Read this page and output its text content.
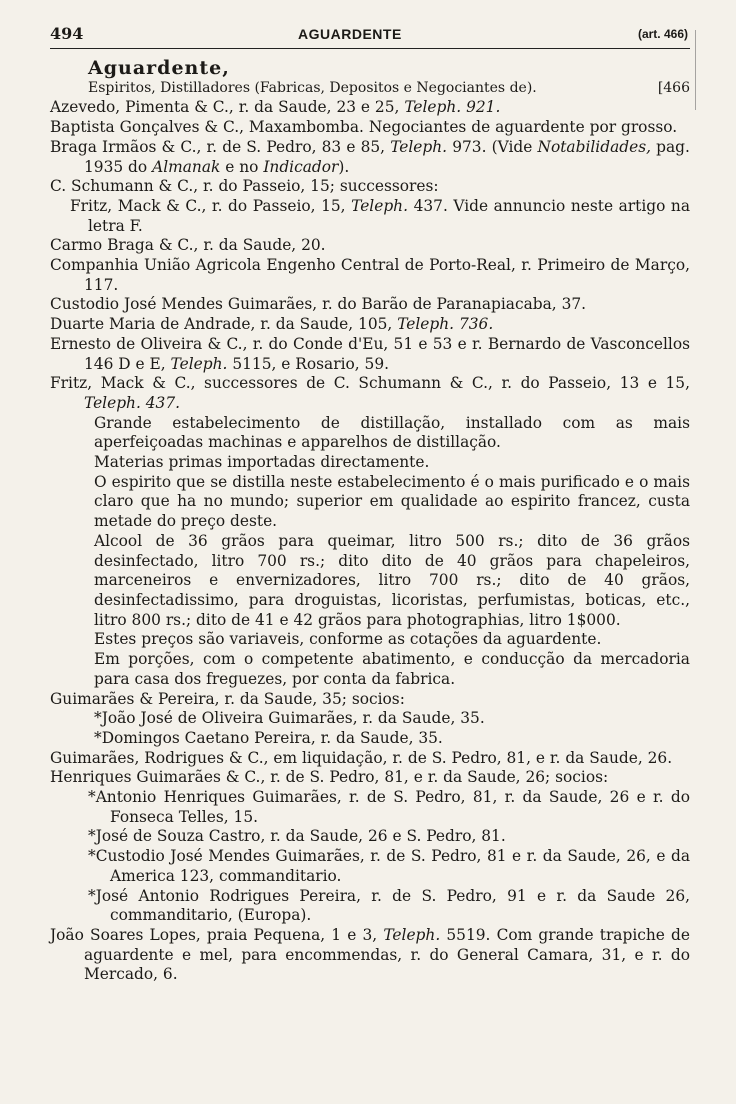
494	AGUARDENTE	(art. 466)
Aguardente,
Espiritos, Distilladores (Fabricas, Depositos e Negociantes de).	[466
Azevedo, Pimenta & C., r. da Saude, 23 e 25, Teleph. 921.
Baptista Gonçalves & C., Maxambomba. Negociantes de aguardente por grosso.
Braga Irmãos & C., r. de S. Pedro, 83 e 85, Teleph. 973. (Vide Notabilidades, pag. 1935 do Almanak e no Indicador).
C. Schumann & C., r. do Passeio, 15; successores:
Fritz, Mack & C., r. do Passeio, 15, Teleph. 437. Vide annuncio neste artigo na letra F.
Carmo Braga & C., r. da Saude, 20.
Companhia União Agricola Engenho Central de Porto-Real, r. Primeiro de Março, 117.
Custodio José Mendes Guimarães, r. do Barão de Paranapiacaba, 37.
Duarte Maria de Andrade, r. da Saude, 105, Teleph. 736.
Ernesto de Oliveira & C., r. do Conde d'Eu, 51 e 53 e r. Bernardo de Vasconcellos 146 D e E, Teleph. 5115, e Rosario, 59.
Fritz, Mack & C., successores de C. Schumann & C., r. do Passeio, 13 e 15, Teleph. 437.
Grande estabelecimento de distillação, installado com as mais aperfeiçoadas machinas e apparelhos de distillação.
Materias primas importadas directamente.
O espirito que se distilla neste estabelecimento é o mais purificado e o mais claro que ha no mundo; superior em qualidade ao espirito francez, custa metade do preço deste.
Alcool de 36 grãos para queimar, litro 500 rs.; dito de 36 grãos desinfectado, litro 700 rs.; dito dito de 40 grãos para chapeleiros, marceneiros e envernizadores, litro 700 rs.; dito de 40 grãos, desinfectadissimo, para droguistas, licoristas, perfumistas, boticas, etc., litro 800 rs.; dito de 41 e 42 grãos para photographias, litro 1$000.
Estes preços são variaveis, conforme as cotações da aguardente.
Em porções, com o competente abatimento, e conducção da mercadoria para casa dos freguezes, por conta da fabrica.
Guimarães & Pereira, r. da Saude, 35; socios:
*João José de Oliveira Guimarães, r. da Saude, 35.
*Domingos Caetano Pereira, r. da Saude, 35.
Guimarães, Rodrigues & C., em liquidação, r. de S. Pedro, 81, e r. da Saude, 26.
Henriques Guimarães & C., r. de S. Pedro, 81, e r. da Saude, 26; socios:
*Antonio Henriques Guimarães, r. de S. Pedro, 81, r. da Saude, 26 e r. do Fonseca Telles, 15.
*José de Souza Castro, r. da Saude, 26 e S. Pedro, 81.
*Custodio José Mendes Guimarães, r. de S. Pedro, 81 e r. da Saude, 26, e da America 123, commanditario.
*José Antonio Rodrigues Pereira, r. de S. Pedro, 91 e r. da Saude 26, commanditario, (Europa).
João Soares Lopes, praia Pequena, 1 e 3, Teleph. 5519. Com grande trapiche de aguardente e mel, para encommendas, r. do General Camara, 31, e r. do Mercado, 6.
